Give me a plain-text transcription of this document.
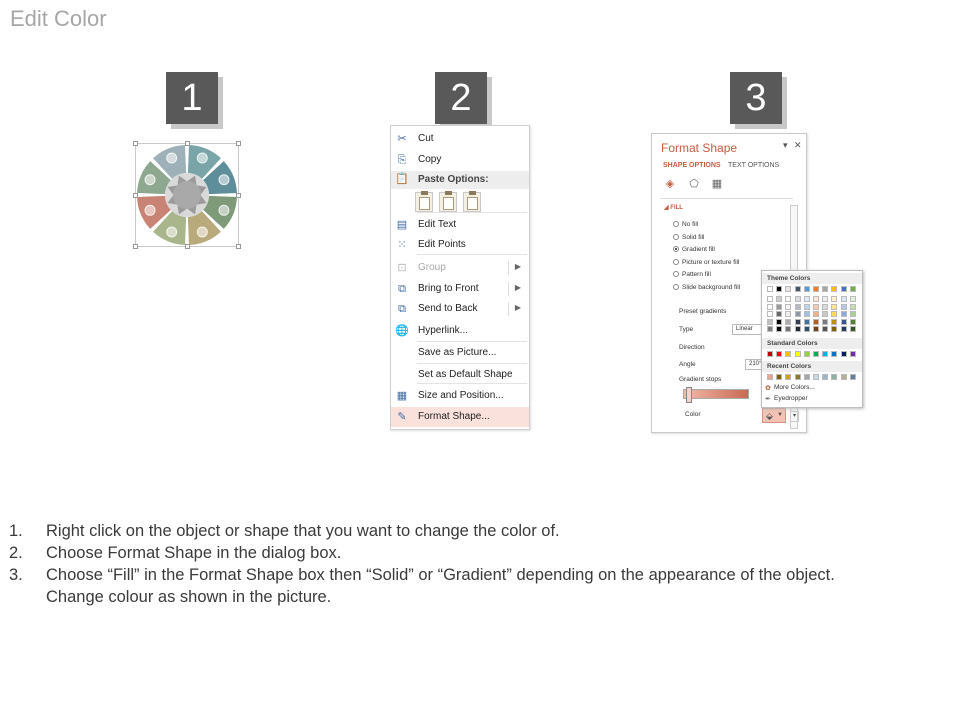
Edit Color
1	2	3
✂ Cut
⎘ Copy
📋 Paste Options:
▤ Edit Text
⁙ Edit Points
⊡ Group	▶
⧉	Bring to Front	▶
⧉	Send to Back	▶
🌐 Hyperlink...
Save as Picture...
Set as Default Shape
▦ Size and Position...
✎ Format Shape...
Format Shape	▾ ✕
SHAPE OPTIONS TEXT OPTIONS
◈ ⬠ ▦
◢ FILL
No fill
Solid fill
Gradient fill
Picture or texture fill
Pattern fill
Slide background fill
Preset gradients
Type	Linear
Direction
Angle	210°
Gradient stops
Color	⬙ ▼	▾
Theme Colors
Standard Colors
Recent Colors
✿ More Colors...
✒ Eyedropper
1. Right click on the object or shape that you want to change the color of.
2. Choose Format Shape in the dialog box.
3. Choose “Fill” in the Format Shape box then “Solid” or “Gradient” depending on the appearance of the object.
Change colour as shown in the picture.
